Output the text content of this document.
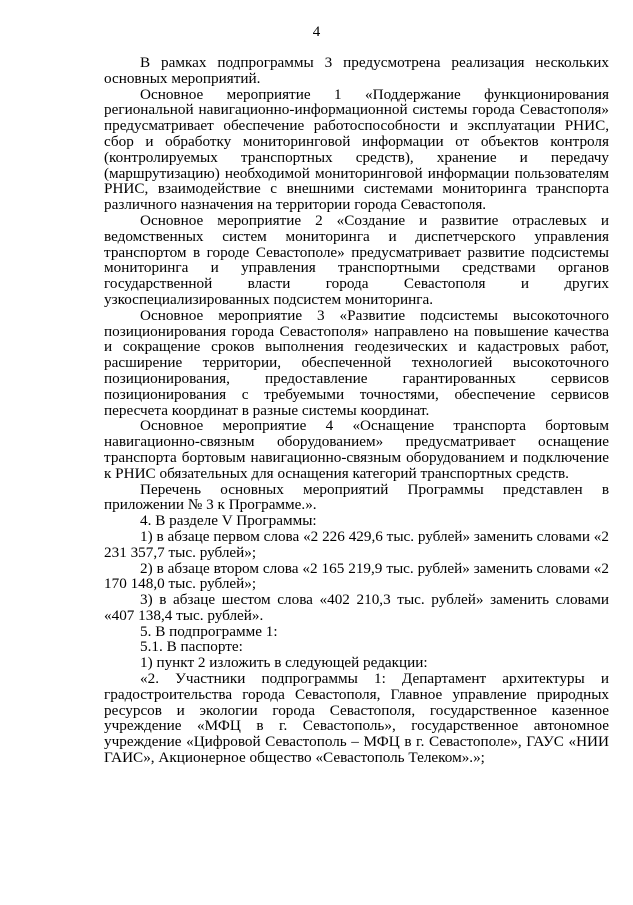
4

В рамках подпрограммы 3 предусмотрена реализация нескольких основных мероприятий.

Основное мероприятие 1 «Поддержание функционирования региональной навигационно-информационной системы города Севастополя» предусматривает обеспечение работоспособности и эксплуатации РНИС, сбор и обработку мониторинговой информации от объектов контроля (контролируемых транспортных средств), хранение и передачу (маршрутизацию) необходимой мониторинговой информации пользователям РНИС, взаимодействие с внешними системами мониторинга транспорта различного назначения на территории города Севастополя.

Основное мероприятие 2 «Создание и развитие отраслевых и ведомственных систем мониторинга и диспетчерского управления транспортом в городе Севастополе» предусматривает развитие подсистемы мониторинга и управления транспортными средствами органов государственной власти города Севастополя и других узкоспециализированных подсистем мониторинга.

Основное мероприятие 3 «Развитие подсистемы высокоточного позиционирования города Севастополя» направлено на повышение качества и сокращение сроков выполнения геодезических и кадастровых работ, расширение территории, обеспеченной технологией высокоточного позиционирования, предоставление гарантированных сервисов позиционирования с требуемыми точностями, обеспечение сервисов пересчета координат в разные системы координат.

Основное мероприятие 4 «Оснащение транспорта бортовым навигационно-связным оборудованием» предусматривает оснащение транспорта бортовым навигационно-связным оборудованием и подключение к РНИС обязательных для оснащения категорий транспортных средств.

Перечень основных мероприятий Программы представлен в приложении № 3 к Программе.».

4. В разделе V Программы:

1) в абзаце первом слова «2 226 429,6 тыс. рублей» заменить словами «2 231 357,7 тыс. рублей»;

2) в абзаце втором слова «2 165 219,9 тыс. рублей» заменить словами «2 170 148,0 тыс. рублей»;

3) в абзаце шестом слова «402 210,3 тыс. рублей» заменить словами «407 138,4 тыс. рублей».

5. В подпрограмме 1:

5.1. В паспорте:

1) пункт 2 изложить в следующей редакции:

«2. Участники подпрограммы 1: Департамент архитектуры и градостроительства города Севастополя, Главное управление природных ресурсов и экологии города Севастополя, государственное казенное учреждение «МФЦ в г. Севастополь», государственное автономное учреждение «Цифровой Севастополь – МФЦ в г. Севастополе», ГАУС «НИИ ГАИС», Акционерное общество «Севастополь Телеком».»;
